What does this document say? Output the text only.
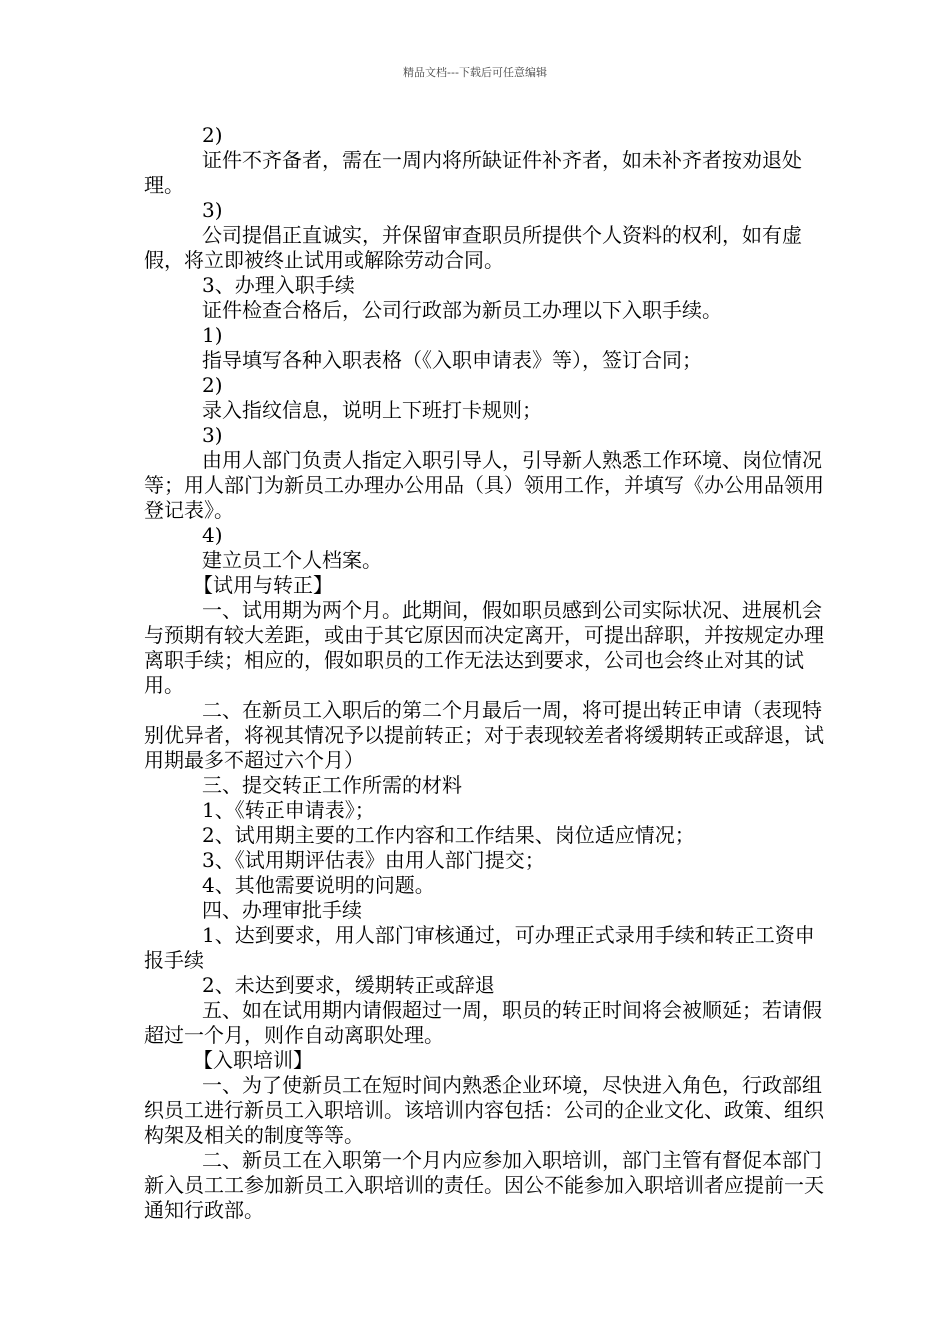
精品文档---下载后可任意编辑

2)

证件不齐备者，需在一周内将所缺证件补齐者，如未补齐者按劝退处理。

3)

公司提倡正直诚实，并保留审查职员所提供个人资料的权利，如有虚假，将立即被终止试用或解除劳动合同。

3、办理入职手续

证件检查合格后，公司行政部为新员工办理以下入职手续。

1)

指导填写各种入职表格（《入职申请表》等），签订合同；

2)

录入指纹信息，说明上下班打卡规则；

3)

由用人部门负责人指定入职引导人，引导新人熟悉工作环境、岗位情况等；用人部门为新员工办理办公用品（具）领用工作，并填写《办公用品领用登记表》。

4)

建立员工个人档案。

【试用与转正】

一、试用期为两个月。此期间，假如职员感到公司实际状况、进展机会与预期有较大差距，或由于其它原因而决定离开，可提出辞职，并按规定办理离职手续；相应的，假如职员的工作无法达到要求，公司也会终止对其的试用。

二、在新员工入职后的第二个月最后一周，将可提出转正申请（表现特别优异者，将视其情况予以提前转正；对于表现较差者将缓期转正或辞退，试用期最多不超过六个月）

三、提交转正工作所需的材料

1、《转正申请表》；

2、试用期主要的工作内容和工作结果、岗位适应情况；

3、《试用期评估表》由用人部门提交；

4、其他需要说明的问题。

四、办理审批手续

1、达到要求，用人部门审核通过，可办理正式录用手续和转正工资申报手续

2、未达到要求，缓期转正或辞退

五、如在试用期内请假超过一周，职员的转正时间将会被顺延；若请假超过一个月，则作自动离职处理。

【入职培训】

一、为了使新员工在短时间内熟悉企业环境，尽快进入角色，行政部组织员工进行新员工入职培训。该培训内容包括：公司的企业文化、政策、组织构架及相关的制度等等。

二、新员工在入职第一个月内应参加入职培训，部门主管有督促本部门新入员工工参加新员工入职培训的责任。因公不能参加入职培训者应提前一天通知行政部。
